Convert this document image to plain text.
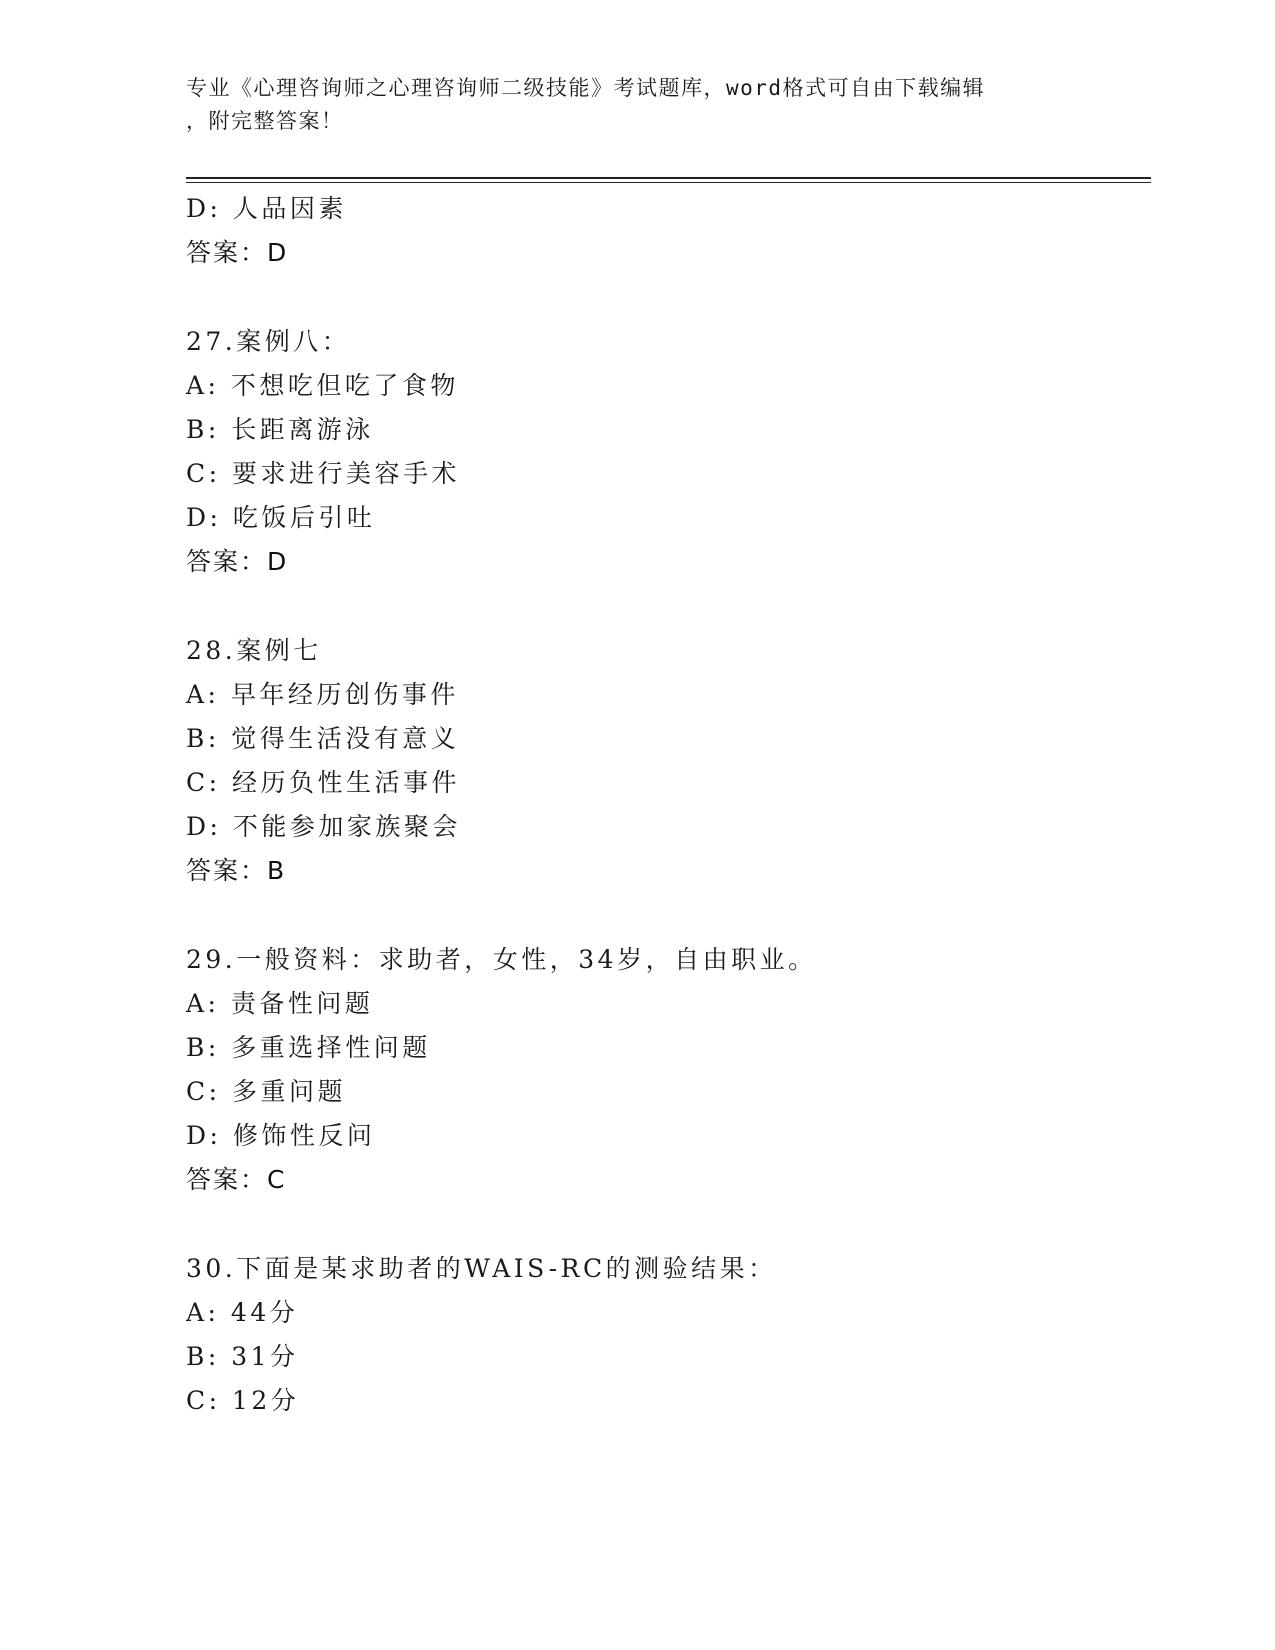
专业《心理咨询师之心理咨询师二级技能》考试题库，word格式可自由下载编辑
，附完整答案！
D: 人品因素
答案：D
27.案例八：
A: 不想吃但吃了食物
B: 长距离游泳
C: 要求进行美容手术
D: 吃饭后引吐
答案：D
28.案例七
A: 早年经历创伤事件
B: 觉得生活没有意义
C: 经历负性生活事件
D: 不能参加家族聚会
答案：B
29.一般资料：求助者，女性，34岁，自由职业。
A: 责备性问题
B: 多重选择性问题
C: 多重问题
D: 修饰性反问
答案：C
30.下面是某求助者的WAIS-RC的测验结果：
A: 44分
B: 31分
C: 12分
